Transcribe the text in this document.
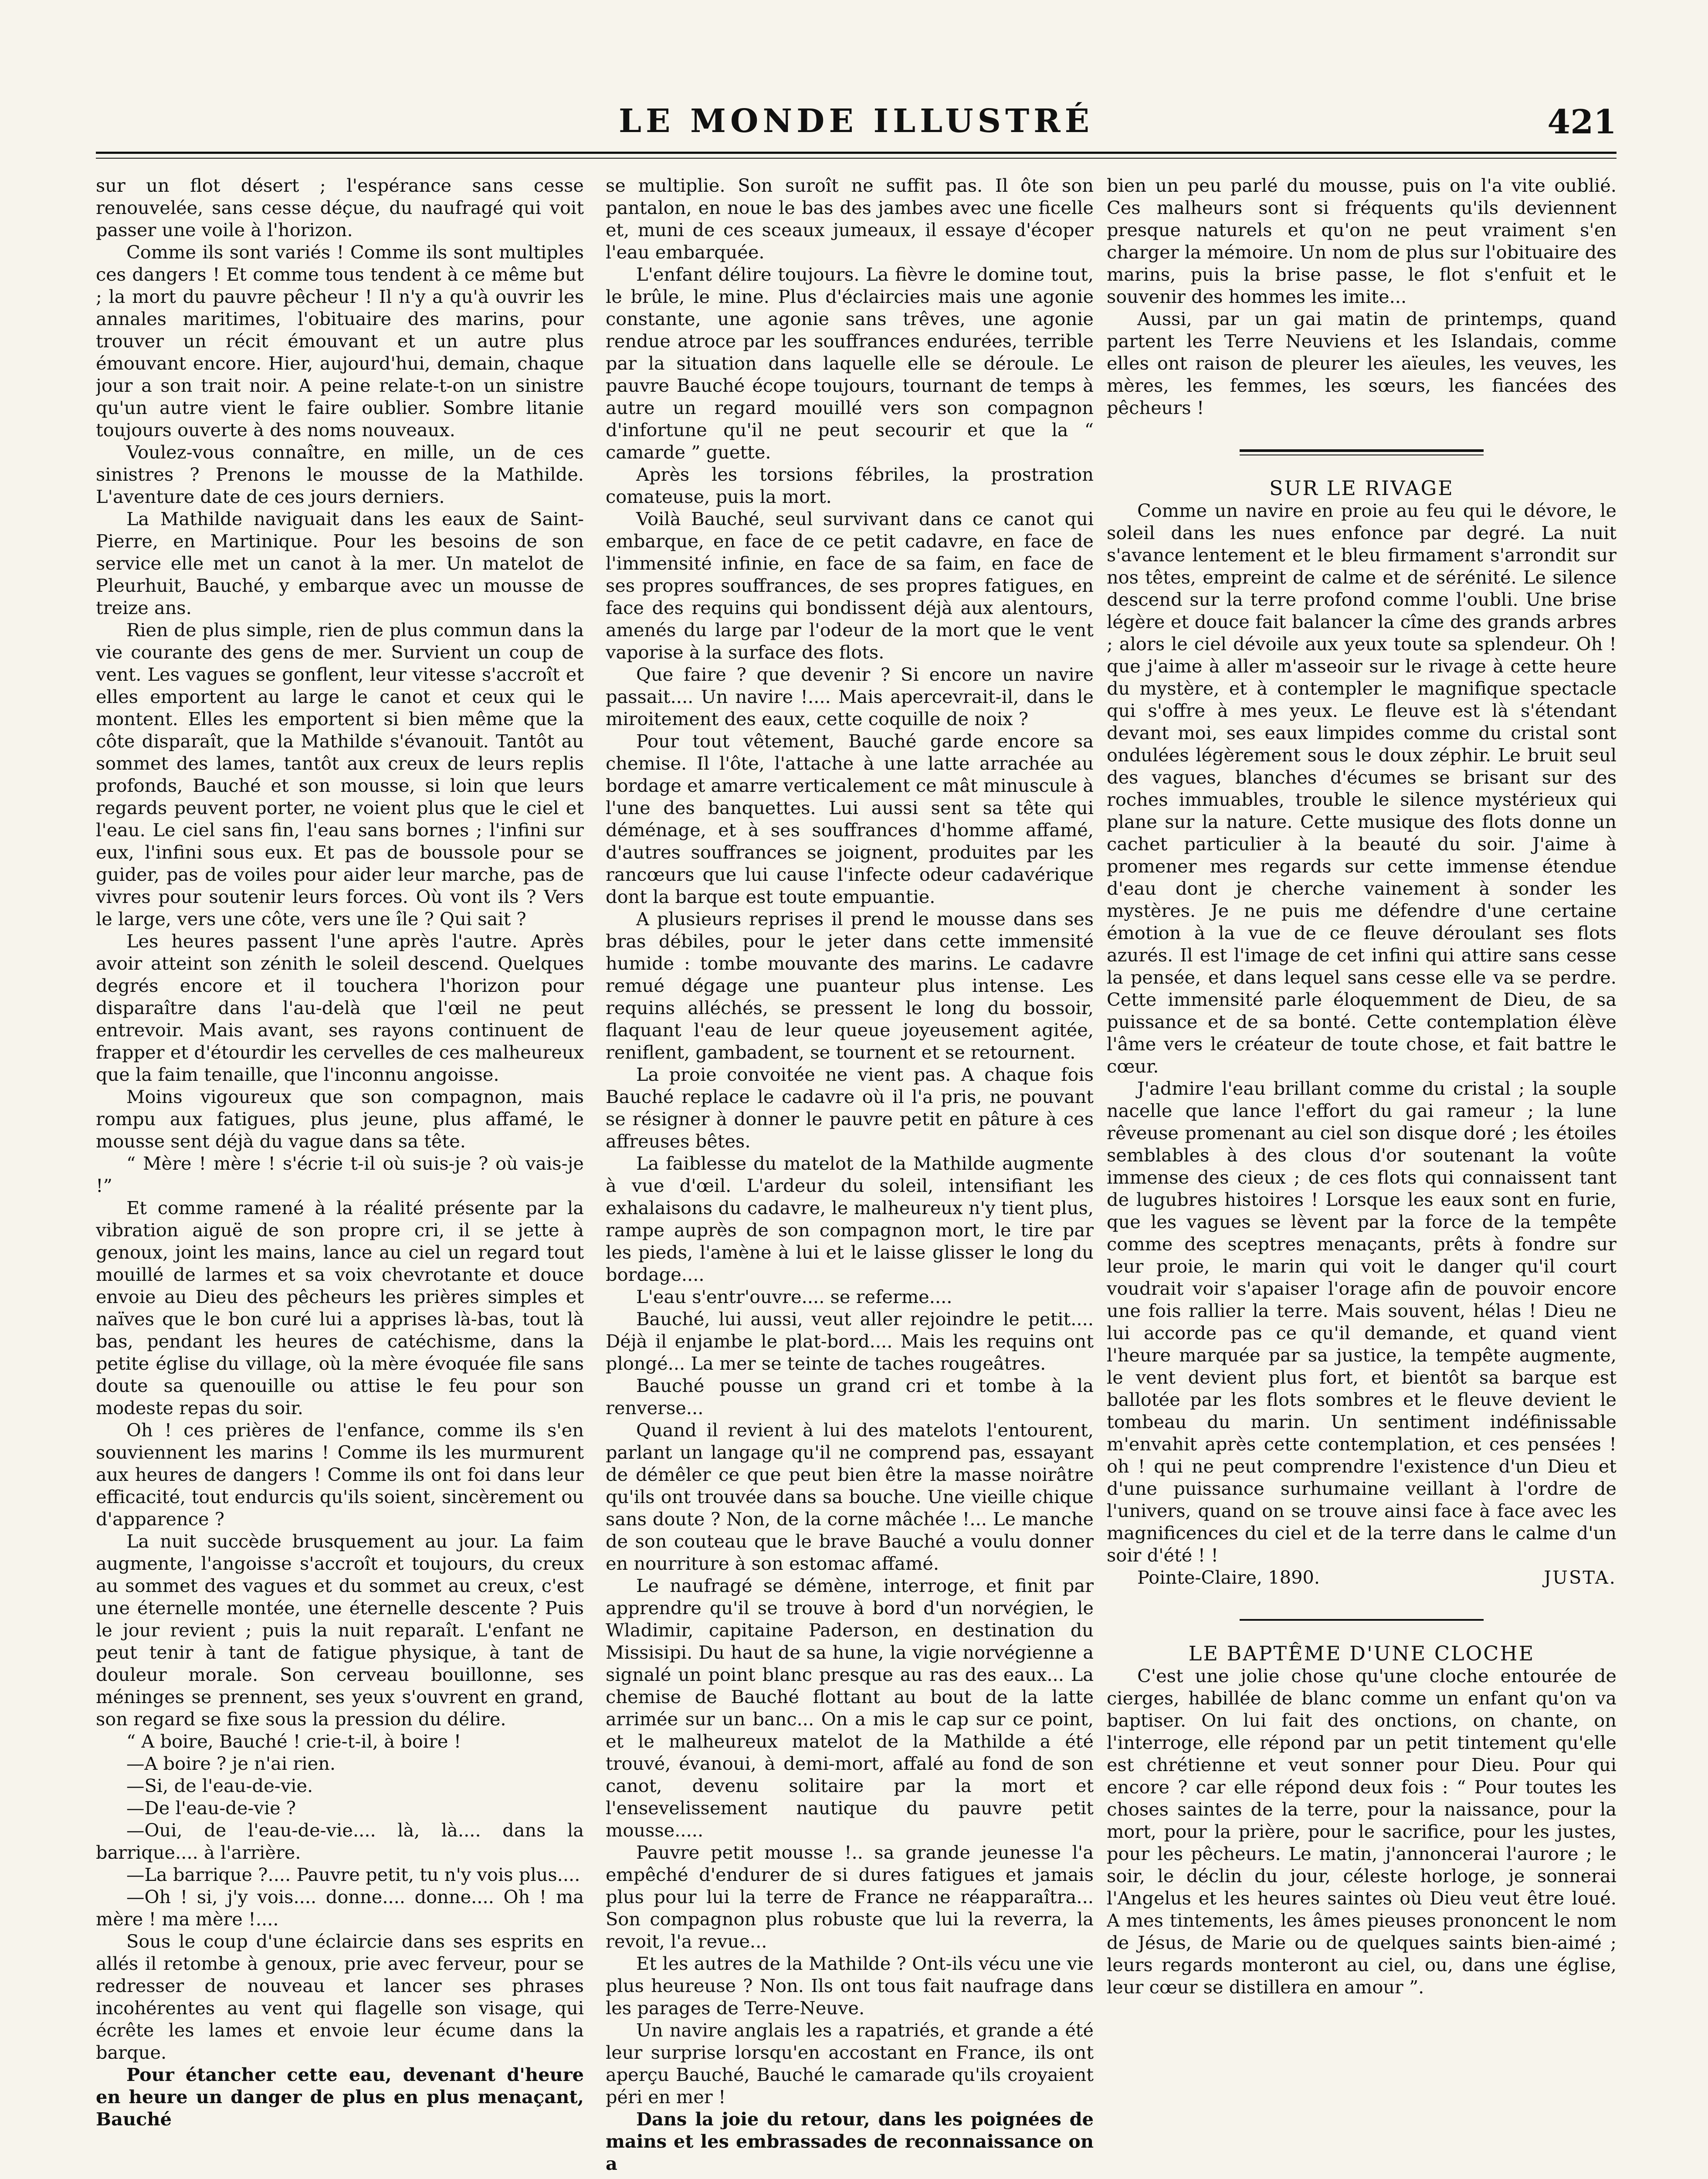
LE MONDE ILLUSTRÉ	421

sur un flot désert ; l'espérance sans cesse renouvelée, sans cesse déçue, du naufragé qui voit passer une voile à l'horizon.

Comme ils sont variés ! Comme ils sont multiples ces dangers ! Et comme tous tendent à ce même but ; la mort du pauvre pêcheur ! Il n'y a qu'à ouvrir les annales maritimes, l'obituaire des marins, pour trouver un récit émouvant et un autre plus émouvant encore. Hier, aujourd'hui, demain, chaque jour a son trait noir. A peine relate-t-on un sinistre qu'un autre vient le faire oublier. Sombre litanie toujours ouverte à des noms nouveaux.

Voulez-vous connaître, en mille, un de ces sinistres ? Prenons le mousse de la Mathilde. L'aventure date de ces jours derniers.

La Mathilde naviguait dans les eaux de Saint-Pierre, en Martinique. Pour les besoins de son service elle met un canot à la mer. Un matelot de Pleurhuit, Bauché, y embarque avec un mousse de treize ans.

Rien de plus simple, rien de plus commun dans la vie courante des gens de mer. Survient un coup de vent. Les vagues se gonflent, leur vitesse s'accroît et elles emportent au large le canot et ceux qui le montent. Elles les emportent si bien même que la côte disparaît, que la Mathilde s'évanouit. Tantôt au sommet des lames, tantôt aux creux de leurs replis profonds, Bauché et son mousse, si loin que leurs regards peuvent porter, ne voient plus que le ciel et l'eau. Le ciel sans fin, l'eau sans bornes ; l'infini sur eux, l'infini sous eux. Et pas de boussole pour se guider, pas de voiles pour aider leur marche, pas de vivres pour soutenir leurs forces. Où vont ils ? Vers le large, vers une côte, vers une île ? Qui sait ?

Les heures passent l'une après l'autre. Après avoir atteint son zénith le soleil descend. Quelques degrés encore et il touchera l'horizon pour disparaître dans l'au-delà que l'œil ne peut entrevoir. Mais avant, ses rayons continuent de frapper et d'étourdir les cervelles de ces malheureux que la faim tenaille, que l'inconnu angoisse.

Moins vigoureux que son compagnon, mais rompu aux fatigues, plus jeune, plus affamé, le mousse sent déjà du vague dans sa tête.

“ Mère ! mère ! s'écrie t-il où suis-je ? où vais-je !”

Et comme ramené à la réalité présente par la vibration aiguë de son propre cri, il se jette à genoux, joint les mains, lance au ciel un regard tout mouillé de larmes et sa voix chevrotante et douce envoie au Dieu des pêcheurs les prières simples et naïves que le bon curé lui a apprises là-bas, tout là bas, pendant les heures de catéchisme, dans la petite église du village, où la mère évoquée file sans doute sa quenouille ou attise le feu pour son modeste repas du soir.

Oh ! ces prières de l'enfance, comme ils s'en souviennent les marins ! Comme ils les murmurent aux heures de dangers ! Comme ils ont foi dans leur efficacité, tout endurcis qu'ils soient, sincèrement ou d'apparence ?

La nuit succède brusquement au jour. La faim augmente, l'angoisse s'accroît et toujours, du creux au sommet des vagues et du sommet au creux, c'est une éternelle montée, une éternelle descente ? Puis le jour revient ; puis la nuit reparaît. L'enfant ne peut tenir à tant de fatigue physique, à tant de douleur morale. Son cerveau bouillonne, ses méninges se prennent, ses yeux s'ouvrent en grand, son regard se fixe sous la pression du délire.

“ A boire, Bauché ! crie-t-il, à boire !

—A boire ? je n'ai rien.

—Si, de l'eau-de-vie.

—De l'eau-de-vie ?

—Oui, de l'eau-de-vie.... là, là.... dans la barrique.... à l'arrière.

—La barrique ?.... Pauvre petit, tu n'y vois plus....

—Oh ! si, j'y vois.... donne.... donne.... Oh ! ma mère ! ma mère !....

Sous le coup d'une éclaircie dans ses esprits en allés il retombe à genoux, prie avec ferveur, pour se redresser de nouveau et lancer ses phrases incohérentes au vent qui flagelle son visage, qui écrête les lames et envoie leur écume dans la barque.

Pour étancher cette eau, devenant d'heure en heure un danger de plus en plus menaçant, Bauché

se multiplie. Son suroît ne suffit pas. Il ôte son pantalon, en noue le bas des jambes avec une ficelle et, muni de ces sceaux jumeaux, il essaye d'écoper l'eau embarquée.

L'enfant délire toujours. La fièvre le domine tout, le brûle, le mine. Plus d'éclaircies mais une agonie constante, une agonie sans trêves, une agonie rendue atroce par les souffrances endurées, terrible par la situation dans laquelle elle se déroule. Le pauvre Bauché écope toujours, tournant de temps à autre un regard mouillé vers son compagnon d'infortune qu'il ne peut secourir et que la “ camarde ” guette.

Après les torsions fébriles, la prostration comateuse, puis la mort.

Voilà Bauché, seul survivant dans ce canot qui embarque, en face de ce petit cadavre, en face de l'immensité infinie, en face de sa faim, en face de ses propres souffrances, de ses propres fatigues, en face des requins qui bondissent déjà aux alentours, amenés du large par l'odeur de la mort que le vent vaporise à la surface des flots.

Que faire ? que devenir ? Si encore un navire passait.... Un navire !.... Mais apercevrait-il, dans le miroitement des eaux, cette coquille de noix ?

Pour tout vêtement, Bauché garde encore sa chemise. Il l'ôte, l'attache à une latte arrachée au bordage et amarre verticalement ce mât minuscule à l'une des banquettes. Lui aussi sent sa tête qui déménage, et à ses souffrances d'homme affamé, d'autres souffrances se joignent, produites par les rancœurs que lui cause l'infecte odeur cadavérique dont la barque est toute empuantie.

A plusieurs reprises il prend le mousse dans ses bras débiles, pour le jeter dans cette immensité humide : tombe mouvante des marins. Le cadavre remué dégage une puanteur plus intense. Les requins alléchés, se pressent le long du bossoir, flaquant l'eau de leur queue joyeusement agitée, reniflent, gambadent, se tournent et se retournent.

La proie convoitée ne vient pas. A chaque fois Bauché replace le cadavre où il l'a pris, ne pouvant se résigner à donner le pauvre petit en pâture à ces affreuses bêtes.

La faiblesse du matelot de la Mathilde augmente à vue d'œil. L'ardeur du soleil, intensifiant les exhalaisons du cadavre, le malheureux n'y tient plus, rampe auprès de son compagnon mort, le tire par les pieds, l'amène à lui et le laisse glisser le long du bordage....

L'eau s'entr'ouvre.... se referme....

Bauché, lui aussi, veut aller rejoindre le petit.... Déjà il enjambe le plat-bord.... Mais les requins ont plongé... La mer se teinte de taches rougeâtres.

Bauché pousse un grand cri et tombe à la renverse...

Quand il revient à lui des matelots l'entourent, parlant un langage qu'il ne comprend pas, essayant de démêler ce que peut bien être la masse noirâtre qu'ils ont trouvée dans sa bouche. Une vieille chique sans doute ? Non, de la corne mâchée !... Le manche de son couteau que le brave Bauché a voulu donner en nourriture à son estomac affamé.

Le naufragé se démène, interroge, et finit par apprendre qu'il se trouve à bord d'un norvégien, le Wladimir, capitaine Paderson, en destination du Missisipi. Du haut de sa hune, la vigie norvégienne a signalé un point blanc presque au ras des eaux... La chemise de Bauché flottant au bout de la latte arrimée sur un banc... On a mis le cap sur ce point, et le malheureux matelot de la Mathilde a été trouvé, évanoui, à demi-mort, affalé au fond de son canot, devenu solitaire par la mort et l'ensevelissement nautique du pauvre petit mousse.....

Pauvre petit mousse !.. sa grande jeunesse l'a empêché d'endurer de si dures fatigues et jamais plus pour lui la terre de France ne réapparaîtra... Son compagnon plus robuste que lui la reverra, la revoit, l'a revue...

Et les autres de la Mathilde ? Ont-ils vécu une vie plus heureuse ? Non. Ils ont tous fait naufrage dans les parages de Terre-Neuve.

Un navire anglais les a rapatriés, et grande a été leur surprise lorsqu'en accostant en France, ils ont aperçu Bauché, Bauché le camarade qu'ils croyaient péri en mer !

Dans la joie du retour, dans les poignées de mains et les embrassades de reconnaissance on a

bien un peu parlé du mousse, puis on l'a vite oublié. Ces malheurs sont si fréquents qu'ils deviennent presque naturels et qu'on ne peut vraiment s'en charger la mémoire. Un nom de plus sur l'obituaire des marins, puis la brise passe, le flot s'enfuit et le souvenir des hommes les imite...

Aussi, par un gai matin de printemps, quand partent les Terre Neuviens et les Islandais, comme elles ont raison de pleurer les aïeules, les veuves, les mères, les femmes, les sœurs, les fiancées des pêcheurs !

SUR LE RIVAGE

Comme un navire en proie au feu qui le dévore, le soleil dans les nues enfonce par degré. La nuit s'avance lentement et le bleu firmament s'arrondit sur nos têtes, empreint de calme et de sérénité. Le silence descend sur la terre profond comme l'oubli. Une brise légère et douce fait balancer la cîme des grands arbres ; alors le ciel dévoile aux yeux toute sa splendeur. Oh ! que j'aime à aller m'asseoir sur le rivage à cette heure du mystère, et à contempler le magnifique spectacle qui s'offre à mes yeux. Le fleuve est là s'étendant devant moi, ses eaux limpides comme du cristal sont ondulées légèrement sous le doux zéphir. Le bruit seul des vagues, blanches d'écumes se brisant sur des roches immuables, trouble le silence mystérieux qui plane sur la nature. Cette musique des flots donne un cachet particulier à la beauté du soir. J'aime à promener mes regards sur cette immense étendue d'eau dont je cherche vainement à sonder les mystères. Je ne puis me défendre d'une certaine émotion à la vue de ce fleuve déroulant ses flots azurés. Il est l'image de cet infini qui attire sans cesse la pensée, et dans lequel sans cesse elle va se perdre. Cette immensité parle éloquemment de Dieu, de sa puissance et de sa bonté. Cette contemplation élève l'âme vers le créateur de toute chose, et fait battre le cœur.

J'admire l'eau brillant comme du cristal ; la souple nacelle que lance l'effort du gai rameur ; la lune rêveuse promenant au ciel son disque doré ; les étoiles semblables à des clous d'or soutenant la voûte immense des cieux ; de ces flots qui connaissent tant de lugubres histoires ! Lorsque les eaux sont en furie, que les vagues se lèvent par la force de la tempête comme des sceptres menaçants, prêts à fondre sur leur proie, le marin qui voit le danger qu'il court voudrait voir s'apaiser l'orage afin de pouvoir encore une fois rallier la terre. Mais souvent, hélas ! Dieu ne lui accorde pas ce qu'il demande, et quand vient l'heure marquée par sa justice, la tempête augmente, le vent devient plus fort, et bientôt sa barque est ballotée par les flots sombres et le fleuve devient le tombeau du marin. Un sentiment indéfinissable m'envahit après cette contemplation, et ces pensées ! oh ! qui ne peut comprendre l'existence d'un Dieu et d'une puissance surhumaine veillant à l'ordre de l'univers, quand on se trouve ainsi face à face avec les magnificences du ciel et de la terre dans le calme d'un soir d'été ! !

JUSTA.

Pointe-Claire, 1890.

LE BAPTÊME D'UNE CLOCHE

C'est une jolie chose qu'une cloche entourée de cierges, habillée de blanc comme un enfant qu'on va baptiser. On lui fait des onctions, on chante, on l'interroge, elle répond par un petit tintement qu'elle est chrétienne et veut sonner pour Dieu. Pour qui encore ? car elle répond deux fois : “ Pour toutes les choses saintes de la terre, pour la naissance, pour la mort, pour la prière, pour le sacrifice, pour les justes, pour les pêcheurs. Le matin, j'annoncerai l'aurore ; le soir, le déclin du jour, céleste horloge, je sonnerai l'Angelus et les heures saintes où Dieu veut être loué. A mes tintements, les âmes pieuses prononcent le nom de Jésus, de Marie ou de quelques saints bien-aimé ; leurs regards monteront au ciel, ou, dans une église, leur cœur se distillera en amour ”.
